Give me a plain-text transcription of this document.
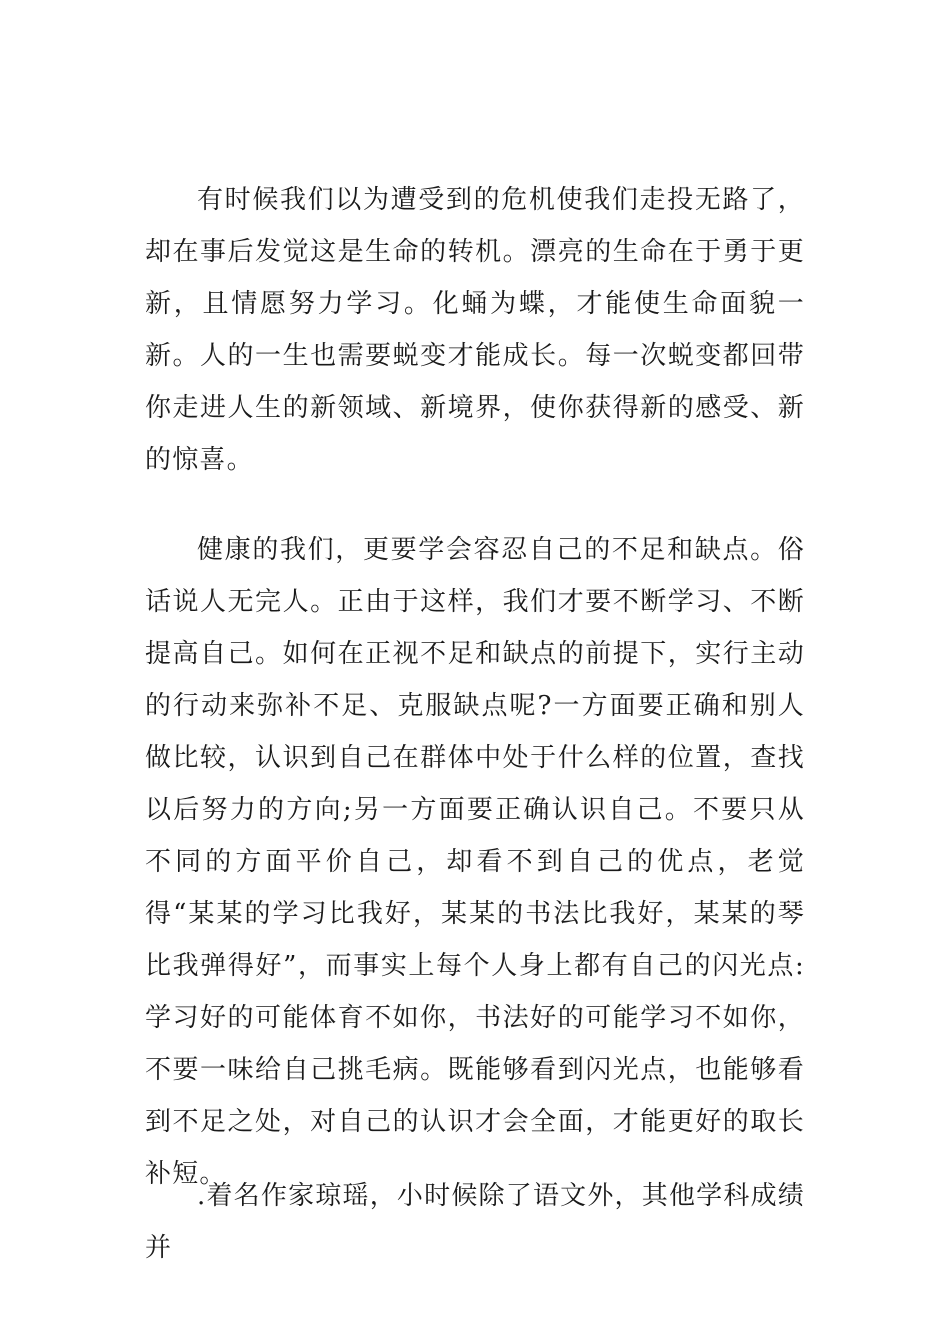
有时候我们以为遭受到的危机使我们走投无路了，却在事后发觉这是生命的转机。漂亮的生命在于勇于更新，且情愿努力学习。化蛹为蝶，才能使生命面貌一新。人的一生也需要蜕变才能成长。每一次蜕变都回带你走进人生的新领域、新境界，使你获得新的感受、新的惊喜。

健康的我们，更要学会容忍自己的不足和缺点。俗话说人无完人。正由于这样，我们才要不断学习、不断提高自己。如何在正视不足和缺点的前提下，实行主动的行动来弥补不足、克服缺点呢?一方面要正确和别人做比较，认识到自己在群体中处于什么样的位置，查找以后努力的方向;另一方面要正确认识自己。不要只从不同的方面平价自己，却看不到自己的优点，老觉得“某某的学习比我好，某某的书法比我好，某某的琴比我弹得好”，而事实上每个人身上都有自己的闪光点:学习好的可能体育不如你，书法好的可能学习不如你，不要一味给自己挑毛病。既能够看到闪光点，也能够看到不足之处，对自己的认识才会全面，才能更好的取长补短。

.着名作家琼瑶，小时候除了语文外，其他学科成绩并
